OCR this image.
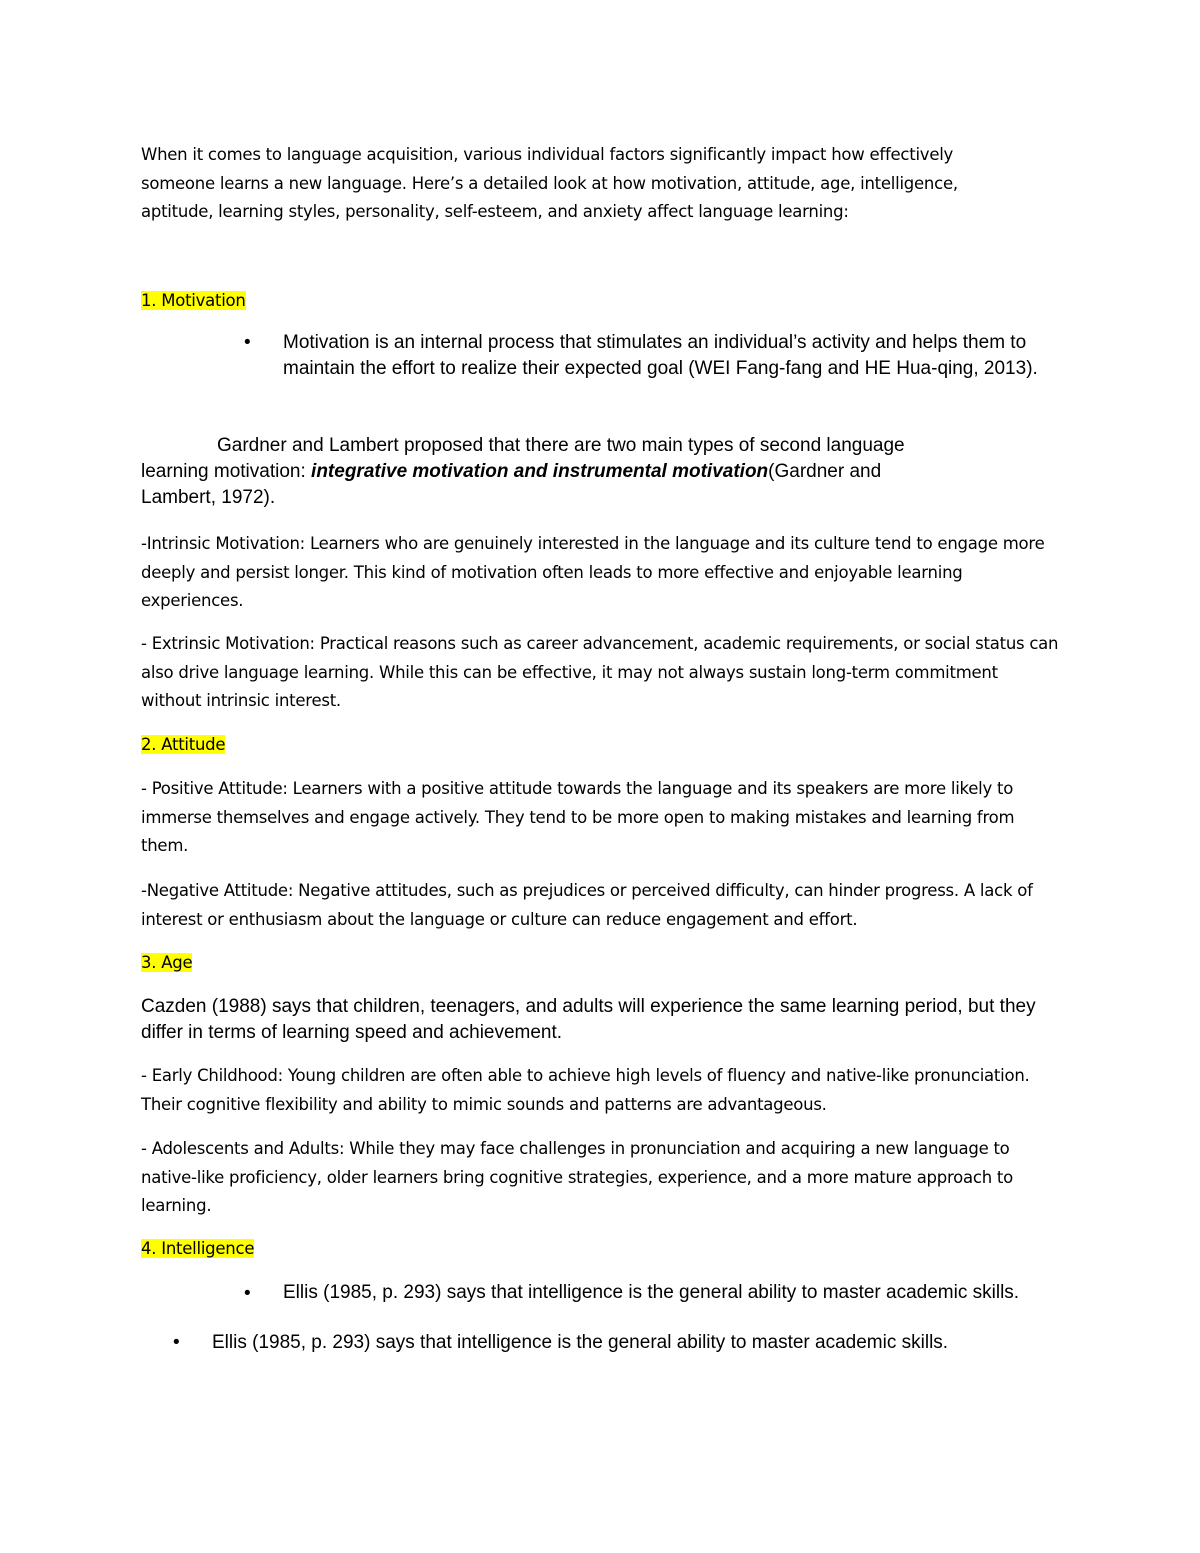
When it comes to language acquisition, various individual factors significantly impact how effectively

someone learns a new language. Here’s a detailed look at how motivation, attitude, age, intelligence,

aptitude, learning styles, personality, self-esteem, and anxiety affect language learning:

1. Motivation

• Motivation is an internal process that stimulates an individual’s activity and helps them to maintain the effort to realize their expected goal (WEI Fang-fang and HE Hua-qing, 2013).

Gardner and Lambert proposed that there are two main types of second language

learning motivation: integrative motivation and instrumental motivation(Gardner and

Lambert, 1972).

-Intrinsic Motivation: Learners who are genuinely interested in the language and its culture tend to engage more deeply and persist longer. This kind of motivation often leads to more effective and enjoyable learning experiences.

- Extrinsic Motivation: Practical reasons such as career advancement, academic requirements, or social status can also drive language learning. While this can be effective, it may not always sustain long-term commitment without intrinsic interest.

2. Attitude

- Positive Attitude: Learners with a positive attitude towards the language and its speakers are more likely to immerse themselves and engage actively. They tend to be more open to making mistakes and learning from them.

-Negative Attitude: Negative attitudes, such as prejudices or perceived difficulty, can hinder progress. A lack of interest or enthusiasm about the language or culture can reduce engagement and effort.

3. Age

Cazden (1988) says that children, teenagers, and adults will experience the same learning period, but they differ in terms of learning speed and achievement.

- Early Childhood: Young children are often able to achieve high levels of fluency and native-like pronunciation. Their cognitive flexibility and ability to mimic sounds and patterns are advantageous.

- Adolescents and Adults: While they may face challenges in pronunciation and acquiring a new language to native-like proficiency, older learners bring cognitive strategies, experience, and a more mature approach to learning.

4. Intelligence

• Ellis (1985, p. 293) says that intelligence is the general ability to master academic skills.

• Ellis (1985, p. 293) says that intelligence is the general ability to master academic skills.
